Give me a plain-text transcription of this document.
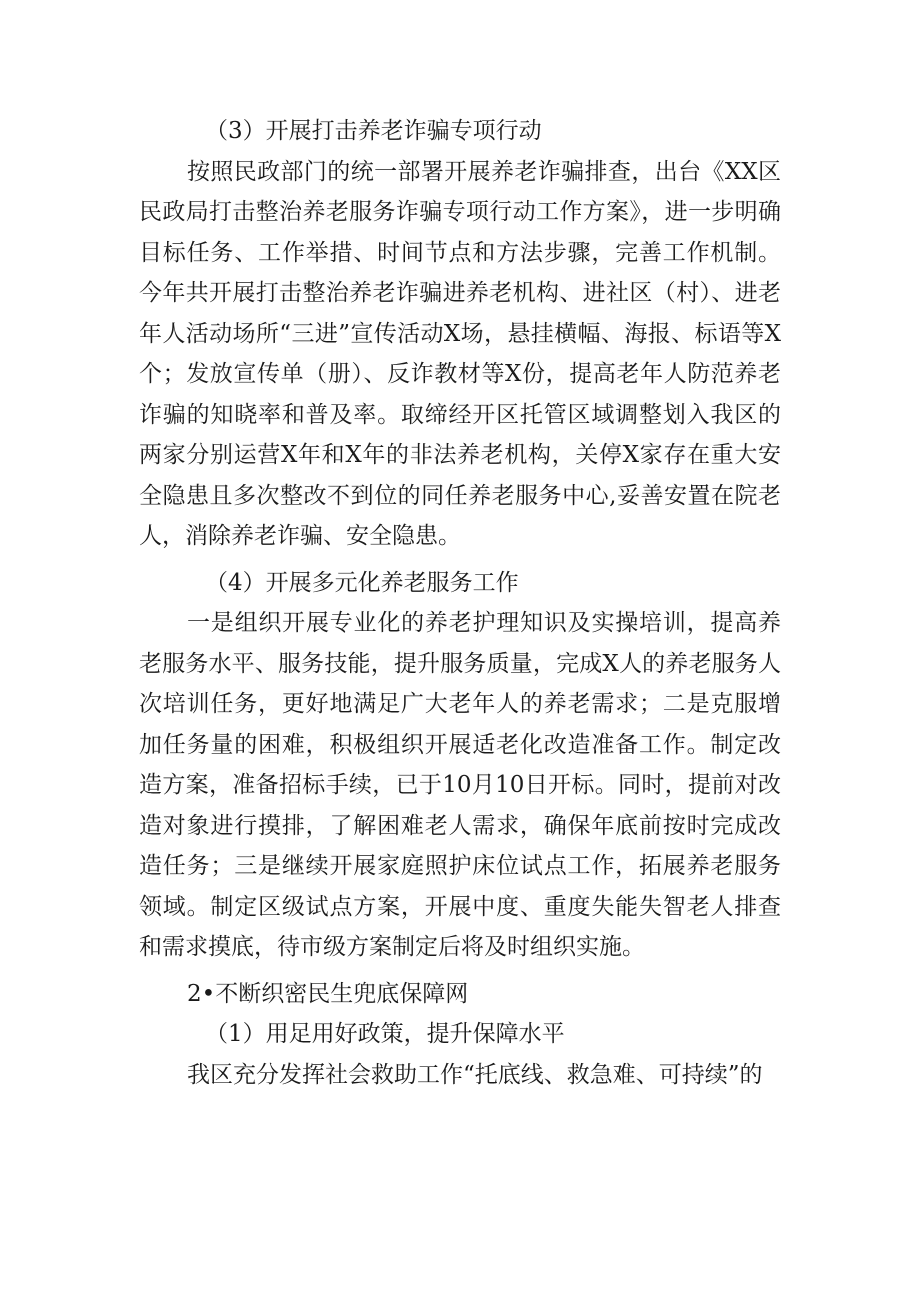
（3）开展打击养老诈骗专项行动

按照民政部门的统一部署开展养老诈骗排查，出台《XX区民政局打击整治养老服务诈骗专项行动工作方案》，进一步明确目标任务、工作举措、时间节点和方法步骤，完善工作机制。今年共开展打击整治养老诈骗进养老机构、进社区（村）、进老年人活动场所“三进”宣传活动X场，悬挂横幅、海报、标语等X个；发放宣传单（册）、反诈教材等X份，提高老年人防范养老诈骗的知晓率和普及率。取缔经开区托管区域调整划入我区的两家分别运营X年和X年的非法养老机构，关停X家存在重大安全隐患且多次整改不到位的同任养老服务中心,妥善安置在院老人，消除养老诈骗、安全隐患。

（4）开展多元化养老服务工作

一是组织开展专业化的养老护理知识及实操培训，提高养老服务水平、服务技能，提升服务质量，完成X人的养老服务人次培训任务，更好地满足广大老年人的养老需求；二是克服增加任务量的困难，积极组织开展适老化改造准备工作。制定改造方案，准备招标手续，已于10月10日开标。同时，提前对改造对象进行摸排，了解困难老人需求，确保年底前按时完成改造任务；三是继续开展家庭照护床位试点工作，拓展养老服务领域。制定区级试点方案，开展中度、重度失能失智老人排查和需求摸底，待市级方案制定后将及时组织实施。

2•不断织密民生兜底保障网

（1）用足用好政策，提升保障水平

我区充分发挥社会救助工作“托底线、救急难、可持续”的
